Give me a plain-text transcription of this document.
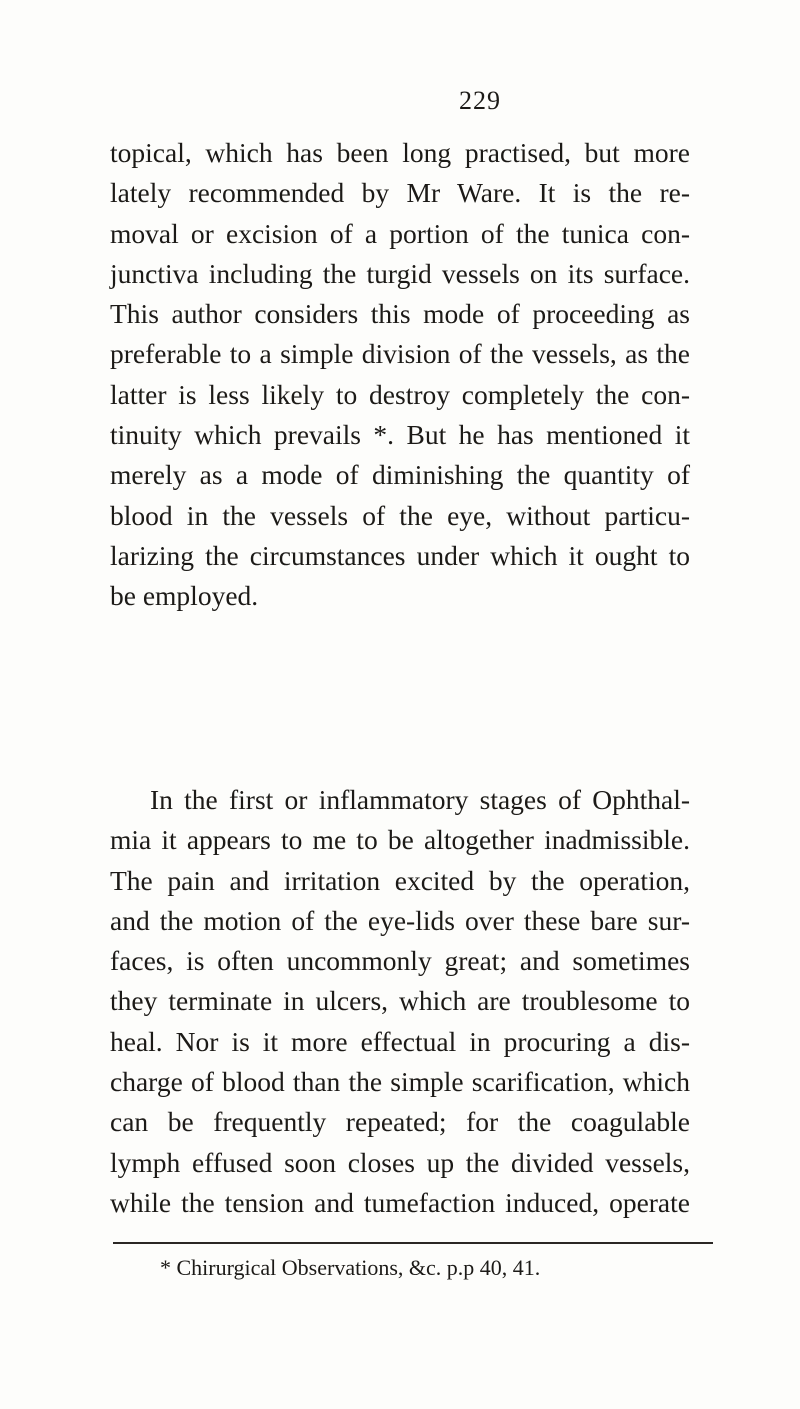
229
topical, which has been long practised, but more
lately recommended by Mr Ware. It is the re-
moval or excision of a portion of the tunica con-
junctiva including the turgid vessels on its surface.
This author considers this mode of proceeding as
preferable to a simple division of the vessels, as the
latter is less likely to destroy completely the con-
tinuity which prevails *. But he has mentioned it
merely as a mode of diminishing the quantity of
blood in the vessels of the eye, without particu-
larizing the circumstances under which it ought to
be employed.
In the first or inflammatory stages of Ophthal-
mia it appears to me to be altogether inadmissible.
The pain and irritation excited by the operation,
and the motion of the eye-lids over these bare sur-
faces, is often uncommonly great; and sometimes
they terminate in ulcers, which are troublesome to
heal. Nor is it more effectual in procuring a dis-
charge of blood than the simple scarification, which
can be frequently repeated; for the coagulable
lymph effused soon closes up the divided vessels,
while the tension and tumefaction induced, operate
* Chirurgical Observations, &c. p.p 40, 41.
